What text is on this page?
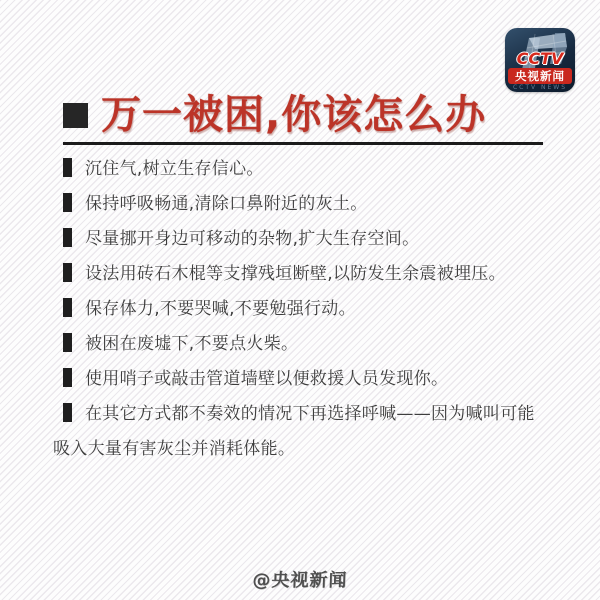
CCTV
央视新闻
CCTV NEWS
万一被困,你该怎么办
沉住气,树立生存信心。
保持呼吸畅通,清除口鼻附近的灰土。
尽量挪开身边可移动的杂物,扩大生存空间。
设法用砖石木棍等支撑残垣断壁,以防发生余震被埋压。
保存体力,不要哭喊,不要勉强行动。
被困在废墟下,不要点火柴。
使用哨子或敲击管道墙壁以便救援人员发现你。
在其它方式都不奏效的情况下再选择呼喊——因为喊叫可能吸入大量有害灰尘并消耗体能。
@央视新闻
